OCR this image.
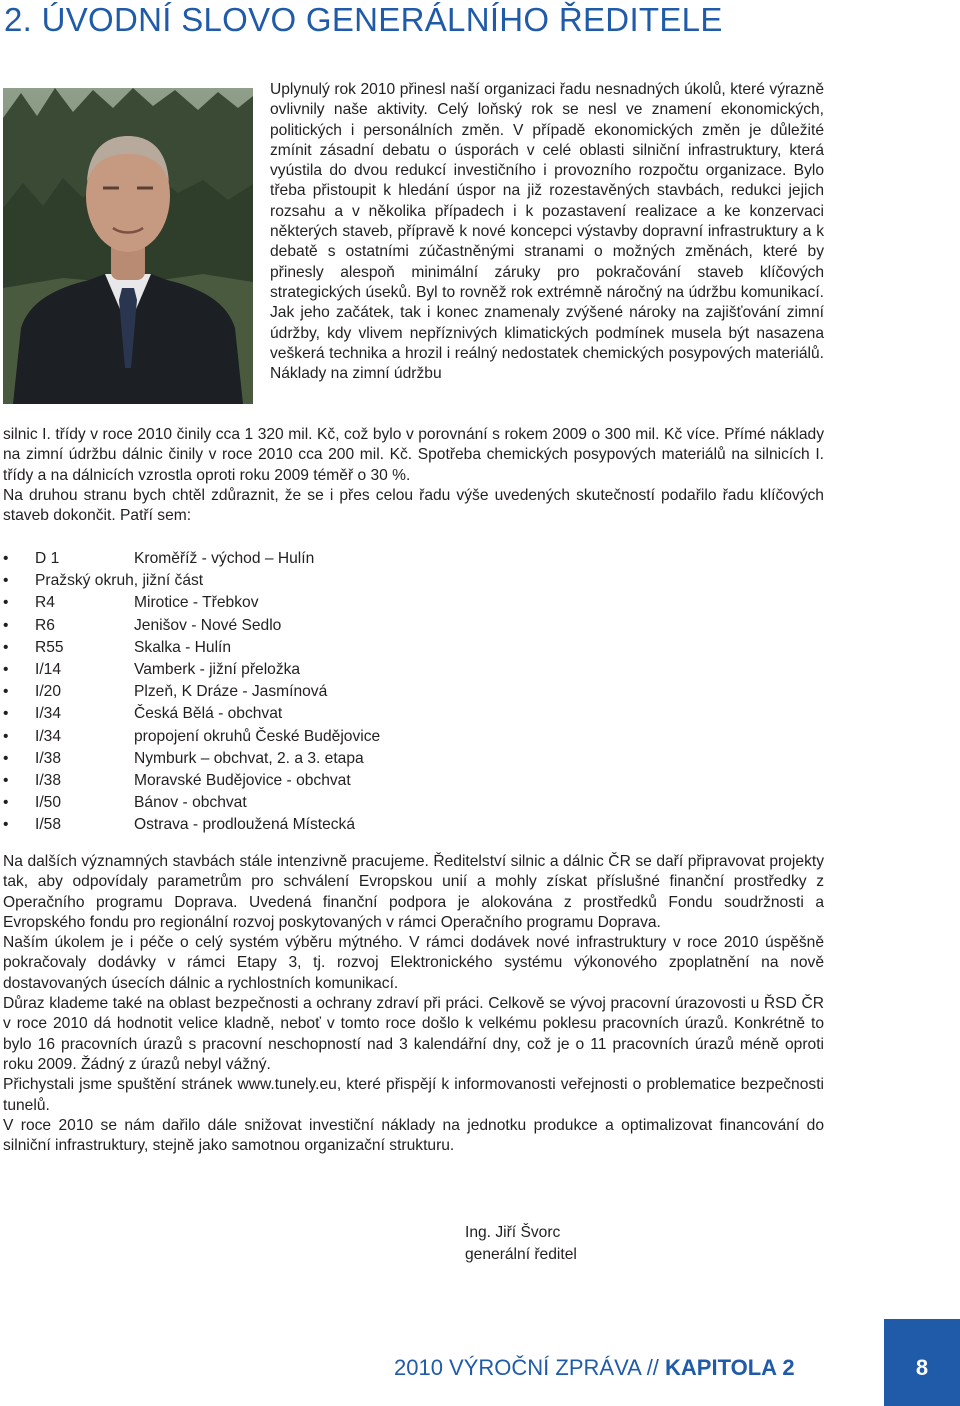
2. ÚVODNÍ SLOVO GENERÁLNÍHO ŘEDITELE

Uplynulý rok 2010 přinesl naší organizaci řadu nesnadných úkolů, které výrazně ovlivnily naše aktivity. Celý loňský rok se nesl ve znamení ekonomických, politických i personálních změn. V případě ekonomických změn je důležité zmínit zásadní debatu o úsporách v celé oblasti silniční infrastruktury, která vyústila do dvou redukcí investičního i provozního rozpočtu organizace. Bylo třeba přistoupit k hledání úspor na již rozestavěných stavbách, redukci jejich rozsahu a v několika případech i k pozastavení realizace a ke konzervaci některých staveb, přípravě k nové koncepci výstavby dopravní infrastruktury a k debatě s ostatními zúčastněnými stranami o možných změnách, které by přinesly alespoň minimální záruky pro pokračování staveb klíčových strategických úseků. Byl to rovněž rok extrémně náročný na údržbu komunikací. Jak jeho začátek, tak i konec znamenaly zvýšené nároky na zajišťování zimní údržby, kdy vlivem nepříznivých klimatických podmínek musela být nasazena veškerá technika a hrozil i reálný nedostatek chemických posypových materiálů. Náklady na zimní údržbu

silnic I. třídy v roce 2010 činily cca 1 320 mil. Kč, což bylo v porovnání s rokem 2009 o 300 mil. Kč více. Přímé náklady na zimní údržbu dálnic činily v roce 2010 cca 200 mil. Kč. Spotřeba chemických posypových materiálů na silnicích I. třídy a na dálnicích vzrostla oproti roku 2009 téměř o 30 %.

Na druhou stranu bych chtěl zdůraznit, že se i přes celou řadu výše uvedených skutečností podařilo řadu klíčových staveb dokončit. Patří sem:

• D 1	Kroměříž - východ – Hulín
• Pražský okruh, jižní část
• R4	Mirotice - Třebkov
• R6	Jenišov - Nové Sedlo
• R55	Skalka - Hulín
• I/14	Vamberk - jižní přeložka
• I/20	Plzeň, K Dráze - Jasmínová
• I/34	Česká Bělá - obchvat
• I/34	propojení okruhů České Budějovice
• I/38	Nymburk – obchvat, 2. a 3. etapa
• I/38	Moravské Budějovice - obchvat
• I/50	Bánov - obchvat
• I/58	Ostrava - prodloužená Místecká

Na dalších významných stavbách stále intenzivně pracujeme. Ředitelství silnic a dálnic ČR se daří připravovat projekty tak, aby odpovídaly parametrům pro schválení Evropskou unií a mohly získat příslušné finanční prostředky z Operačního programu Doprava. Uvedená finanční podpora je alokována z prostředků Fondu soudržnosti a Evropského fondu pro regionální rozvoj poskytovaných v rámci Operačního programu Doprava.

Naším úkolem je i péče o celý systém výběru mýtného. V rámci dodávek nové infrastruktury v roce 2010 úspěšně pokračovaly dodávky v rámci Etapy 3, tj. rozvoj Elektronického systému výkonového zpoplatnění na nově dostavovaných úsecích dálnic a rychlostních komunikací.

Důraz klademe také na oblast bezpečnosti a ochrany zdraví při práci. Celkově se vývoj pracovní úrazovosti u ŘSD ČR v roce 2010 dá hodnotit velice kladně, neboť v tomto roce došlo k velkému poklesu pracovních úrazů. Konkrétně to bylo 16 pracovních úrazů s pracovní neschopností nad 3 kalendářní dny, což je o 11 pracovních úrazů méně oproti roku 2009. Žádný z úrazů nebyl vážný.

Přichystali jsme spuštění stránek www.tunely.eu, které přispějí k informovanosti veřejnosti o problematice bezpečnosti tunelů.

V roce 2010 se nám dařilo dále snižovat investiční náklady na jednotku produkce a optimalizovat financování do silniční infrastruktury, stejně jako samotnou organizační strukturu.

Ing. Jiří Švorc
generální ředitel
2010 VÝROČNÍ ZPRÁVA // KAPITOLA 2	8
